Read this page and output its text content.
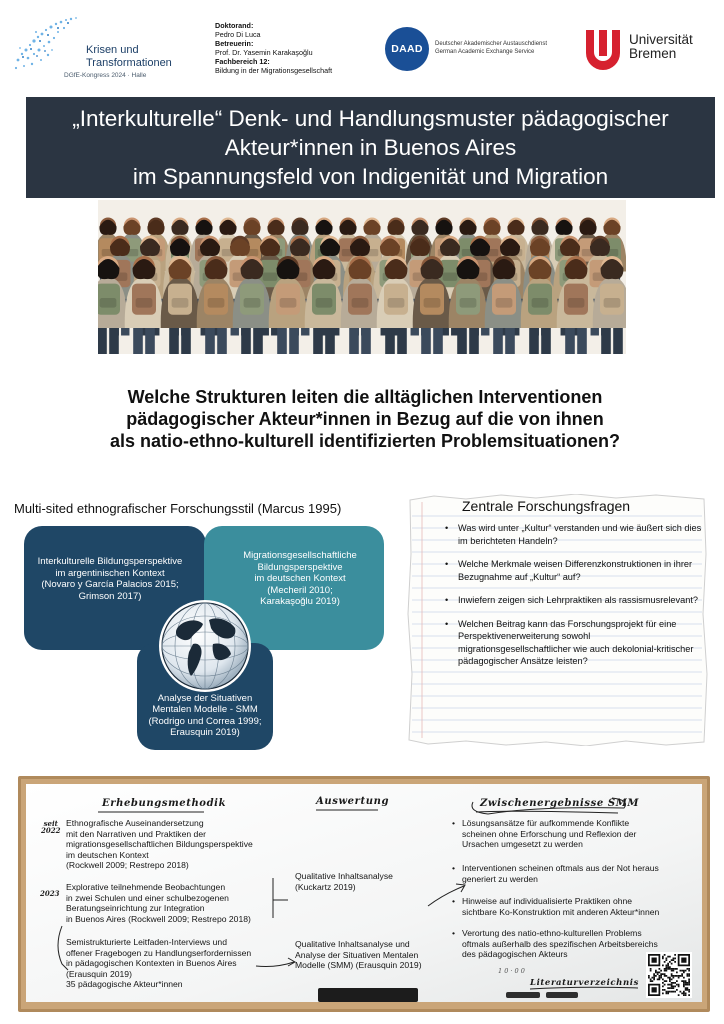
Krisen und
Transformationen
DGfE-Kongress 2024 · Halle
Doktorand:
Pedro Di Luca
Betreuerin:
Prof. Dr. Yasemin Karakaşoğlu
Fachbereich 12:
Bildung in der Migrationsgesellschaft
DAAD	Deutscher Akademischer Austauschdienst
German Academic Exchange Service
Universität
Bremen
„Interkulturelle“ Denk- und Handlungsmuster pädagogischer
Akteur*innen in Buenos Aires
im Spannungsfeld von Indigenität und Migration
Welche Strukturen leiten die alltäglichen Interventionen
pädagogischer Akteur*innen in Bezug auf die von ihnen
als natio-ethno-kulturell identifizierten Problemsituationen?
Multi-sited ethnografischer Forschungsstil (Marcus 1995)
Interkulturelle Bildungsperspektive
im argentinischen Kontext
(Novaro y García Palacios 2015;
Grimson 2017)
Migrationsgesellschaftliche
Bildungsperspektive
im deutschen Kontext
(Mecheril 2010;
Karakaşoğlu 2019)
Analyse der Situativen
Mentalen Modelle - SMM
(Rodrigo und Correa 1999;
Erausquin 2019)
Zentrale Forschungsfragen
• Was wird unter „Kultur“ verstanden und wie äußert sich dies im berichteten Handeln?
• Welche Merkmale weisen Differenzkonstruktionen in ihrer Bezugnahme auf „Kultur“ auf?
• Inwiefern zeigen sich Lehrpraktiken als rassismusrelevant?
• Welchen Beitrag kann das Forschungsprojekt für eine Perspektivenerweiterung sowohl migrationsgesellschaftlicher wie auch dekolonial-kritischer pädagogischer Ansätze leisten?
Erhebungsmethodik	Auswertung	Zwischenergebnisse SMM
Literaturverzeichnis
seit
2022
2023
Ethnografische Auseinandersetzung
mit den Narrativen und Praktiken der
migrationsgesellschaftlichen Bildungsperspektive
im deutschen Kontext
(Rockwell 2009; Restrepo 2018)
Explorative teilnehmende Beobachtungen
in zwei Schulen und einer schulbezogenen
Beratungseinrichtung zur Integration
in Buenos Aires (Rockwell 2009; Restrepo 2018)
Semistrukturierte Leitfaden-Interviews und
offener Fragebogen zu Handlungserfordernissen
in pädagogischen Kontexten in Buenos Aires
(Erausquin 2019)
35 pädagogische Akteur*innen
Qualitative Inhaltsanalyse
(Kuckartz 2019)
Qualitative Inhaltsanalyse und
Analyse der Situativen Mentalen
Modelle (SMM) (Erausquin 2019)
• Lösungsansätze für aufkommende Konflikte
scheinen ohne Erforschung und Reflexion der
Ursachen umgesetzt zu werden
• Interventionen scheinen oftmals aus der Not heraus
generiert zu werden
• Hinweise auf individualisierte Praktiken ohne
sichtbare Ko-Konstruktion mit anderen Akteur*innen
• Verortung des natio-ethno-kulturellen Problems
oftmals außerhalb des spezifischen Arbeitsbereichs
des pädagogischen Akteurs
1 0 · 0 0
